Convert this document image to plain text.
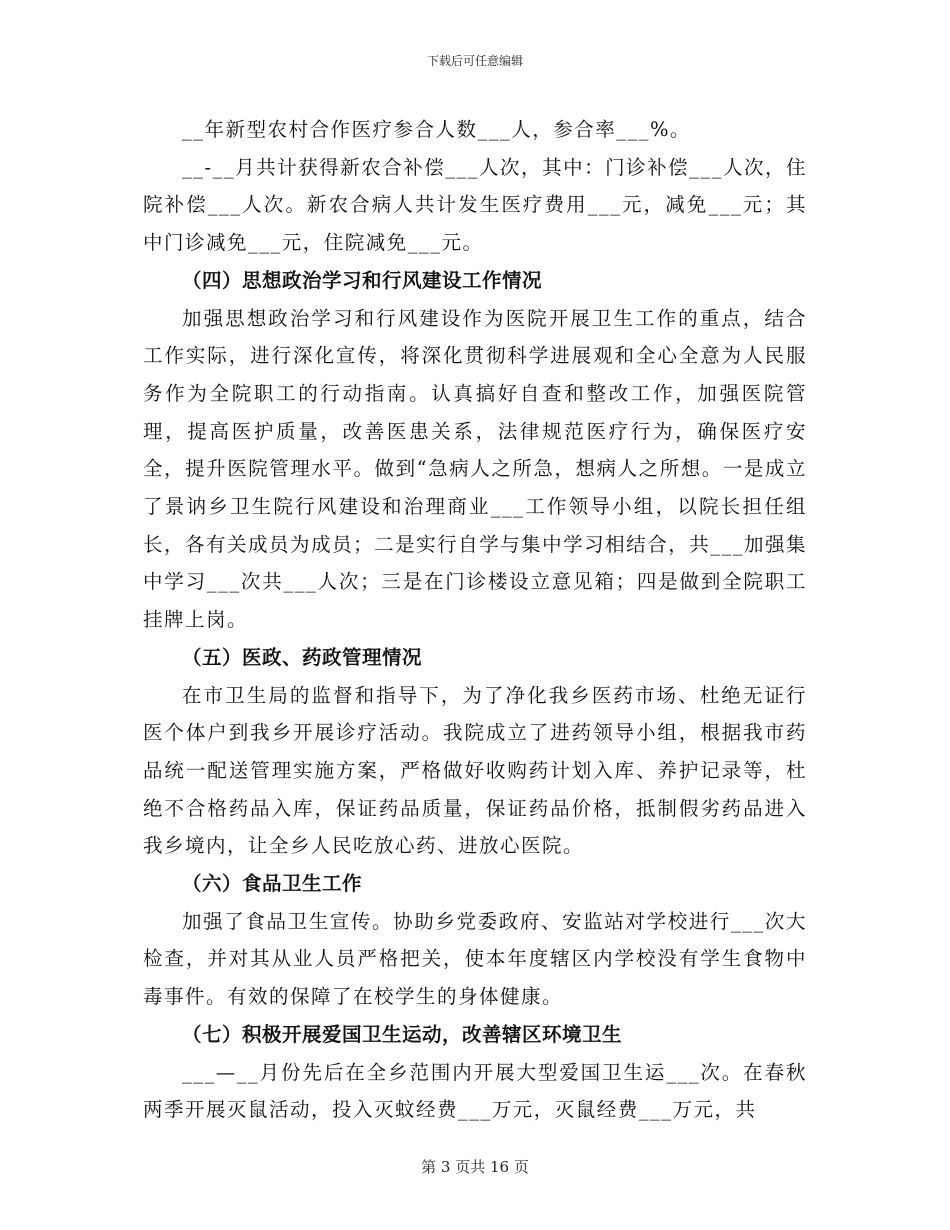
下载后可任意编辑

__年新型农村合作医疗参合人数___人，参合率___%。

__-__月共计获得新农合补偿___人次，其中：门诊补偿___人次，住院补偿___人次。新农合病人共计发生医疗费用___元，减免___元；其中门诊减免___元，住院减免___元。

（四）思想政治学习和行风建设工作情况

加强思想政治学习和行风建设作为医院开展卫生工作的重点，结合工作实际，进行深化宣传，将深化贯彻科学进展观和全心全意为人民服务作为全院职工的行动指南。认真搞好自查和整改工作，加强医院管理，提高医护质量，改善医患关系，法律规范医疗行为，确保医疗安全，提升医院管理水平。做到“急病人之所急，想病人之所想。一是成立了景讷乡卫生院行风建设和治理商业___工作领导小组，以院长担任组长，各有关成员为成员；二是实行自学与集中学习相结合，共___加强集中学习___次共___人次；三是在门诊楼设立意见箱；四是做到全院职工挂牌上岗。

（五）医政、药政管理情况

在市卫生局的监督和指导下，为了净化我乡医药市场、杜绝无证行医个体户到我乡开展诊疗活动。我院成立了进药领导小组，根据我市药品统一配送管理实施方案，严格做好收购药计划入库、养护记录等，杜绝不合格药品入库，保证药品质量，保证药品价格，抵制假劣药品进入我乡境内，让全乡人民吃放心药、进放心医院。

（六）食品卫生工作

加强了食品卫生宣传。协助乡党委政府、安监站对学校进行___次大检查，并对其从业人员严格把关，使本年度辖区内学校没有学生食物中毒事件。有效的保障了在校学生的身体健康。

（七）积极开展爱国卫生运动，改善辖区环境卫生

___—__月份先后在全乡范围内开展大型爱国卫生运___次。在春秋两季开展灭鼠活动，投入灭蚊经费___万元，灭鼠经费___万元，共

第 3 页共 16 页
